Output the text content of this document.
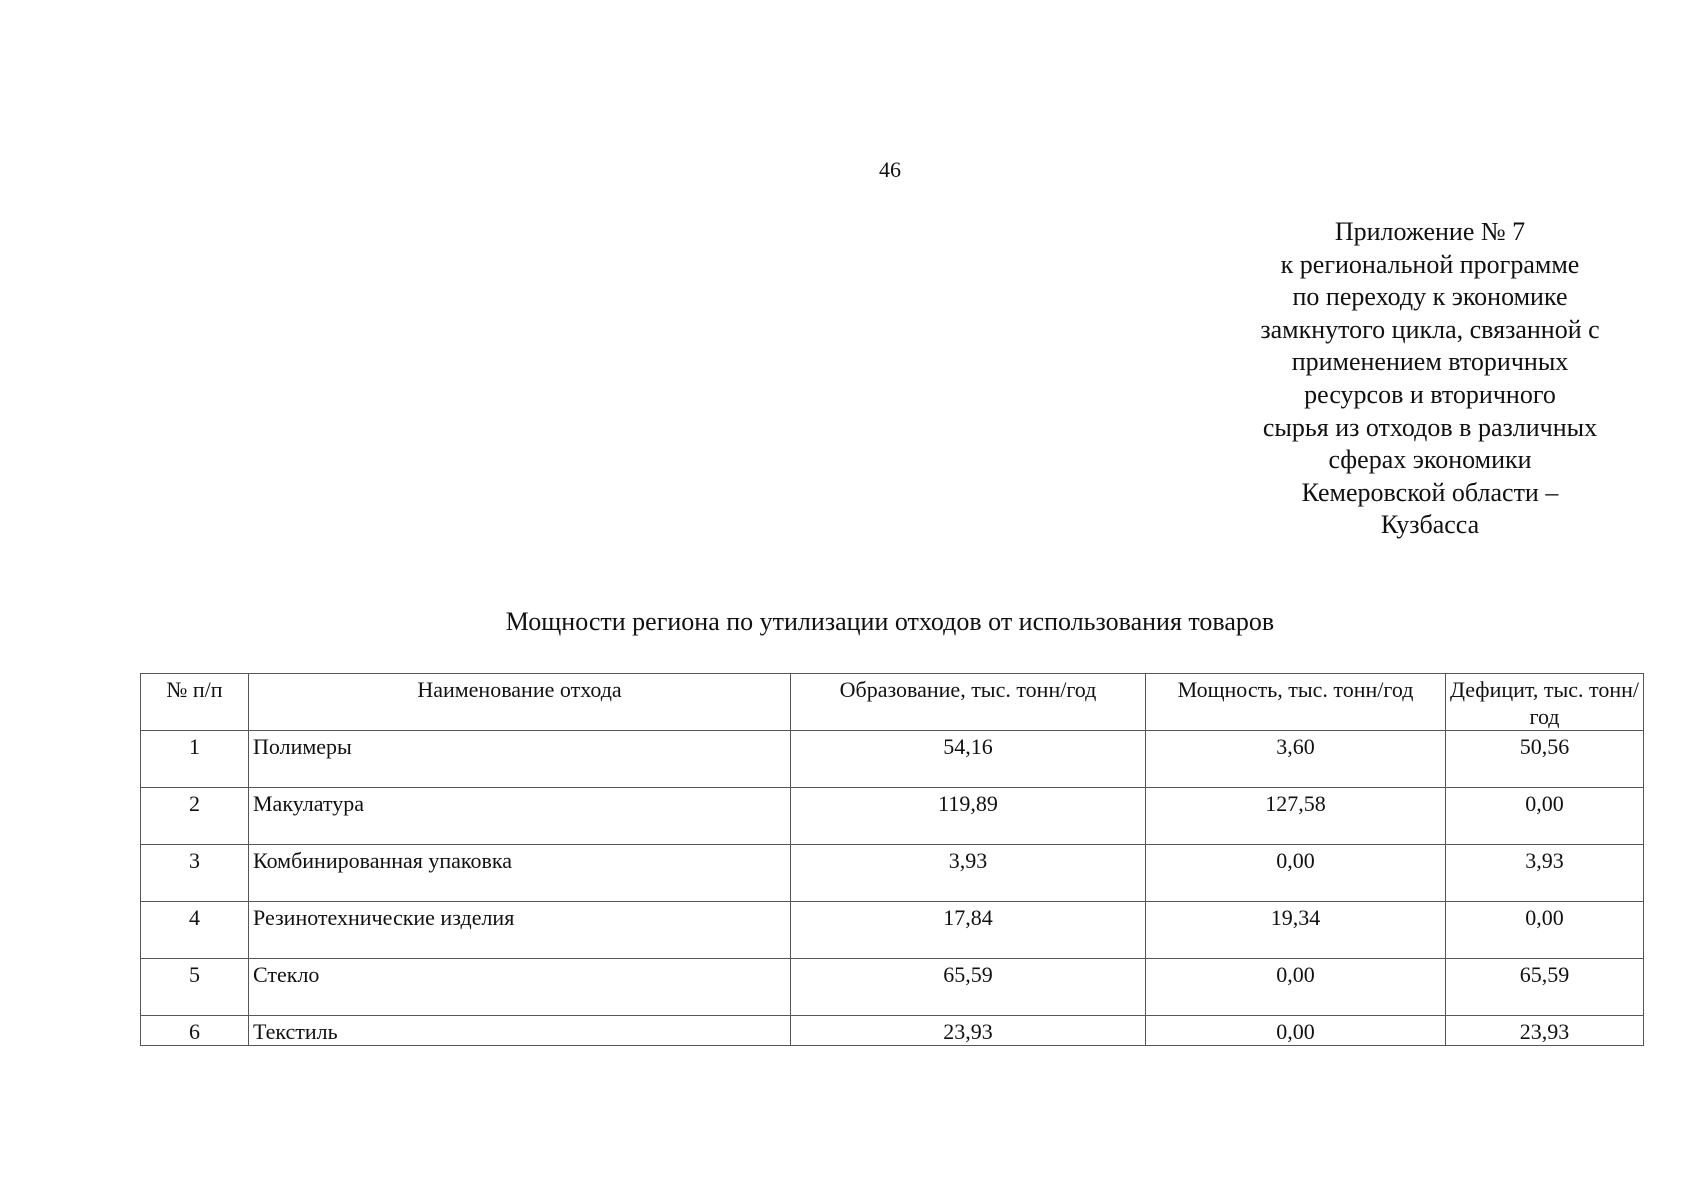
46
Приложение № 7
к региональной программе
по переходу к экономике
замкнутого цикла, связанной с
применением вторичных
ресурсов и вторичного
сырья из отходов в различных
сферах экономики
Кемеровской области –
Кузбасса
Мощности региона по утилизации отходов от использования товаров
№ п/п	Наименование отхода	Образование, тыс. тонн/год	Мощность, тыс. тонн/год	Дефицит, тыс. тонн/год
1	Полимеры	54,16	3,60	50,56
2	Макулатура	119,89	127,58	0,00
3	Комбинированная упаковка	3,93	0,00	3,93
4	Резинотехнические изделия	17,84	19,34	0,00
5	Стекло	65,59	0,00	65,59
6	Текстиль	23,93	0,00	23,93
